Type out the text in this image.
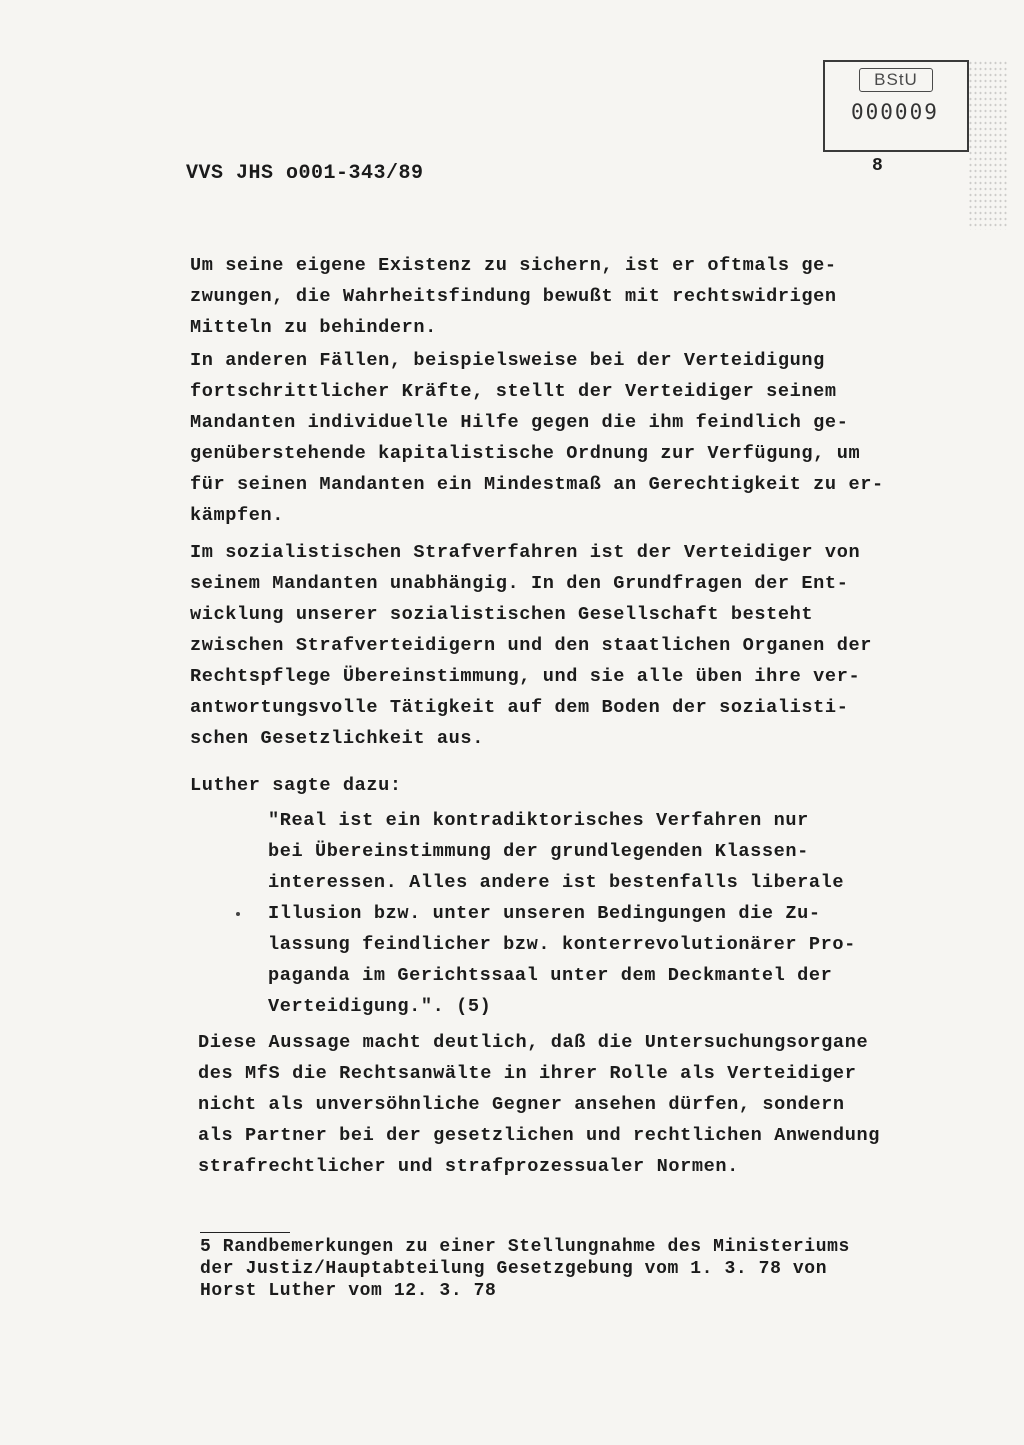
BStU
000009
8
VVS JHS o001-343/89
Um seine eigene Existenz zu sichern, ist er oftmals ge-
zwungen, die Wahrheitsfindung bewußt mit rechtswidrigen
Mitteln zu behindern.
In anderen Fällen, beispielsweise bei der Verteidigung
fortschrittlicher Kräfte, stellt der Verteidiger seinem
Mandanten individuelle Hilfe gegen die ihm feindlich ge-
genüberstehende kapitalistische Ordnung zur Verfügung, um
für seinen Mandanten ein Mindestmaß an Gerechtigkeit zu er-
kämpfen.
Im sozialistischen Strafverfahren ist der Verteidiger von
seinem Mandanten unabhängig. In den Grundfragen der Ent-
wicklung unserer sozialistischen Gesellschaft besteht
zwischen Strafverteidigern und den staatlichen Organen der
Rechtspflege Übereinstimmung, und sie alle üben ihre ver-
antwortungsvolle Tätigkeit auf dem Boden der sozialisti-
schen Gesetzlichkeit aus.
Luther sagte dazu:
"Real ist ein kontradiktorisches Verfahren nur
bei Übereinstimmung der grundlegenden Klassen-
interessen. Alles andere ist bestenfalls liberale
Illusion bzw. unter unseren Bedingungen die Zu-
lassung feindlicher bzw. konterrevolutionärer Pro-
paganda im Gerichtssaal unter dem Deckmantel der
Verteidigung.". (5)
Diese Aussage macht deutlich, daß die Untersuchungsorgane
des MfS die Rechtsanwälte in ihrer Rolle als Verteidiger
nicht als unversöhnliche Gegner ansehen dürfen, sondern
als Partner bei der gesetzlichen und rechtlichen Anwendung
strafrechtlicher und strafprozessualer Normen.
5 Randbemerkungen zu einer Stellungnahme des Ministeriums
der Justiz/Hauptabteilung Gesetzgebung vom 1. 3. 78 von
Horst Luther vom 12. 3. 78
